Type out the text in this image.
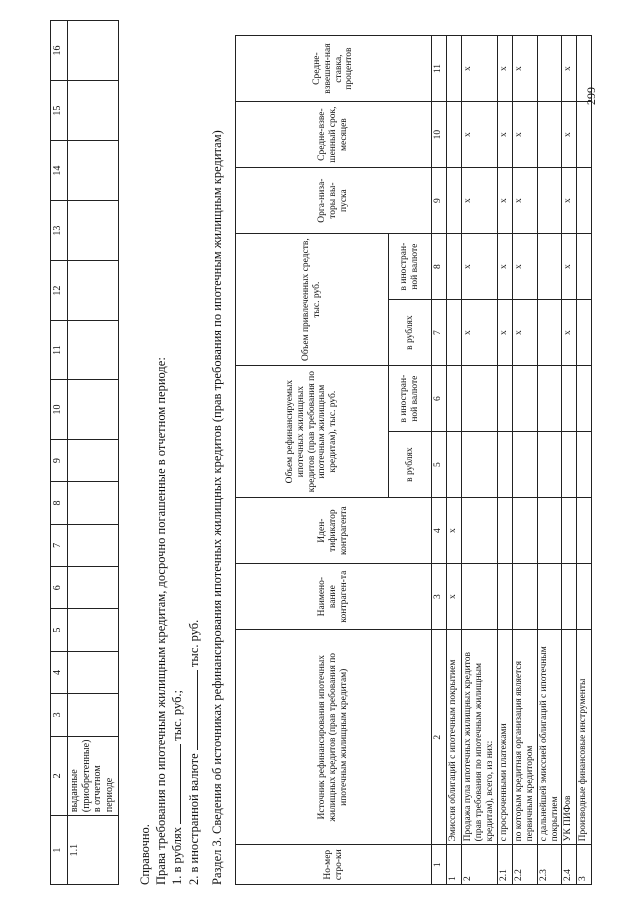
1	2	3	4	5	6	7	8	9	10	11	12	13	14	15	16
1.1	выданные (приобретенные) в отчетном периоде														
Справочно. Права требования по ипотечным жилищным кредитам, досрочно погашенные в отчетном периоде: 1. в рублях  тыс. руб.;
2. в иностранной валюте  тыс. руб. Раздел 3. Сведения об источниках рефинансирования ипотечных жилищных кредитов (прав требования по ипотечным жилищным кредитам)	Но-мер стро-ки	Источник рефинансирования ипотечных жилищных кредитов (прав требования по ипотечным жилищным кредитам)	Наимено-вание контраген-та	Иден-тификатор контрагента	Объем рефинансируемых ипотечных жилищных кредитов (прав требования по ипотечным жилищным кредитам), тыс. руб.		Объем привлеченных средств, тыс. руб.		Орга-низа-торы вы-пуска	Средне-взве-шенный срок, месяцев	Средне-взвешен-ная ставка, процентов
				в рублях	в иностран-ной валюте	в рублях	в иностран-ной валюте			
1	2	3	4	5	6	7	8	9	10	11
1	Эмиссия облигаций с ипотечным покрытием	x	x							
2	Продажа пула ипотечных жилищных кредитов (прав требования по ипотечным жилищным кредитам), всего, из них:					x	x	x	x	x
2.1	с просроченными платежами					x	x	x	x	x
2.2	по которым кредитная организация является первичным кредитором					x	x	x	x	x
2.3	с дальнейшей эмиссией облигаций с ипотечным покрытием									
2.4	УК ПИФов					x	x	x	x	x
3	Производные финансовые инструменты									
299
